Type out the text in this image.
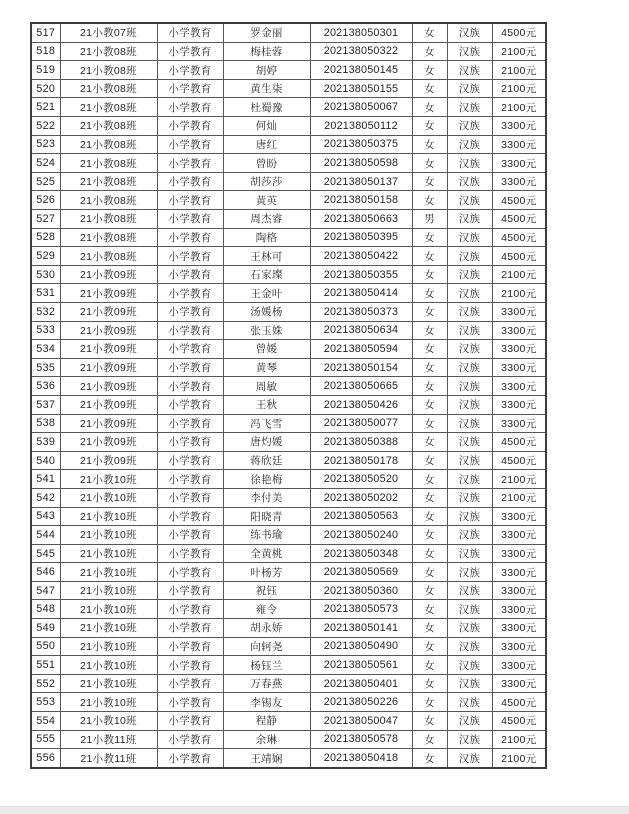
517	21小教07班	小学教育	罗金丽	202138050301	女	汉族	4500元
518	21小教08班	小学教育	梅桂蓉	202138050322	女	汉族	2100元
519	21小教08班	小学教育	胡婷	202138050145	女	汉族	2100元
520	21小教08班	小学教育	黄生柒	202138050155	女	汉族	2100元
521	21小教08班	小学教育	杜蜀豫	202138050067	女	汉族	2100元
522	21小教08班	小学教育	何灿	202138050112	女	汉族	3300元
523	21小教08班	小学教育	唐红	202138050375	女	汉族	3300元
524	21小教08班	小学教育	曾盼	202138050598	女	汉族	3300元
525	21小教08班	小学教育	胡莎莎	202138050137	女	汉族	3300元
526	21小教08班	小学教育	黄英	202138050158	女	汉族	4500元
527	21小教08班	小学教育	周杰睿	202138050663	男	汉族	4500元
528	21小教08班	小学教育	陶格	202138050395	女	汉族	4500元
529	21小教08班	小学教育	王林可	202138050422	女	汉族	4500元
530	21小教09班	小学教育	石家璨	202138050355	女	汉族	2100元
531	21小教09班	小学教育	王金叶	202138050414	女	汉族	2100元
532	21小教09班	小学教育	汤媛杨	202138050373	女	汉族	3300元
533	21小教09班	小学教育	张玉姝	202138050634	女	汉族	3300元
534	21小教09班	小学教育	曾媛	202138050594	女	汉族	3300元
535	21小教09班	小学教育	黄琴	202138050154	女	汉族	3300元
536	21小教09班	小学教育	周敏	202138050665	女	汉族	3300元
537	21小教09班	小学教育	王秋	202138050426	女	汉族	3300元
538	21小教09班	小学教育	冯飞雪	202138050077	女	汉族	3300元
539	21小教09班	小学教育	唐灼媛	202138050388	女	汉族	4500元
540	21小教09班	小学教育	蒋欣廷	202138050178	女	汉族	4500元
541	21小教10班	小学教育	徐艳梅	202138050520	女	汉族	2100元
542	21小教10班	小学教育	李付美	202138050202	女	汉族	2100元
543	21小教10班	小学教育	阳晓青	202138050563	女	汉族	3300元
544	21小教10班	小学教育	练书瑜	202138050240	女	汉族	3300元
545	21小教10班	小学教育	全黄桃	202138050348	女	汉族	3300元
546	21小教10班	小学教育	叶杨芳	202138050569	女	汉族	3300元
547	21小教10班	小学教育	祝钰	202138050360	女	汉族	3300元
548	21小教10班	小学教育	雍令	202138050573	女	汉族	3300元
549	21小教10班	小学教育	胡永娇	202138050141	女	汉族	3300元
550	21小教10班	小学教育	向轲尧	202138050490	女	汉族	3300元
551	21小教10班	小学教育	杨钰兰	202138050561	女	汉族	3300元
552	21小教10班	小学教育	万春燕	202138050401	女	汉族	3300元
553	21小教10班	小学教育	李锡友	202138050226	女	汉族	4500元
554	21小教10班	小学教育	程静	202138050047	女	汉族	4500元
555	21小教11班	小学教育	余琳	202138050578	女	汉族	2100元
556	21小教11班	小学教育	王靖娴	202138050418	女	汉族	2100元
